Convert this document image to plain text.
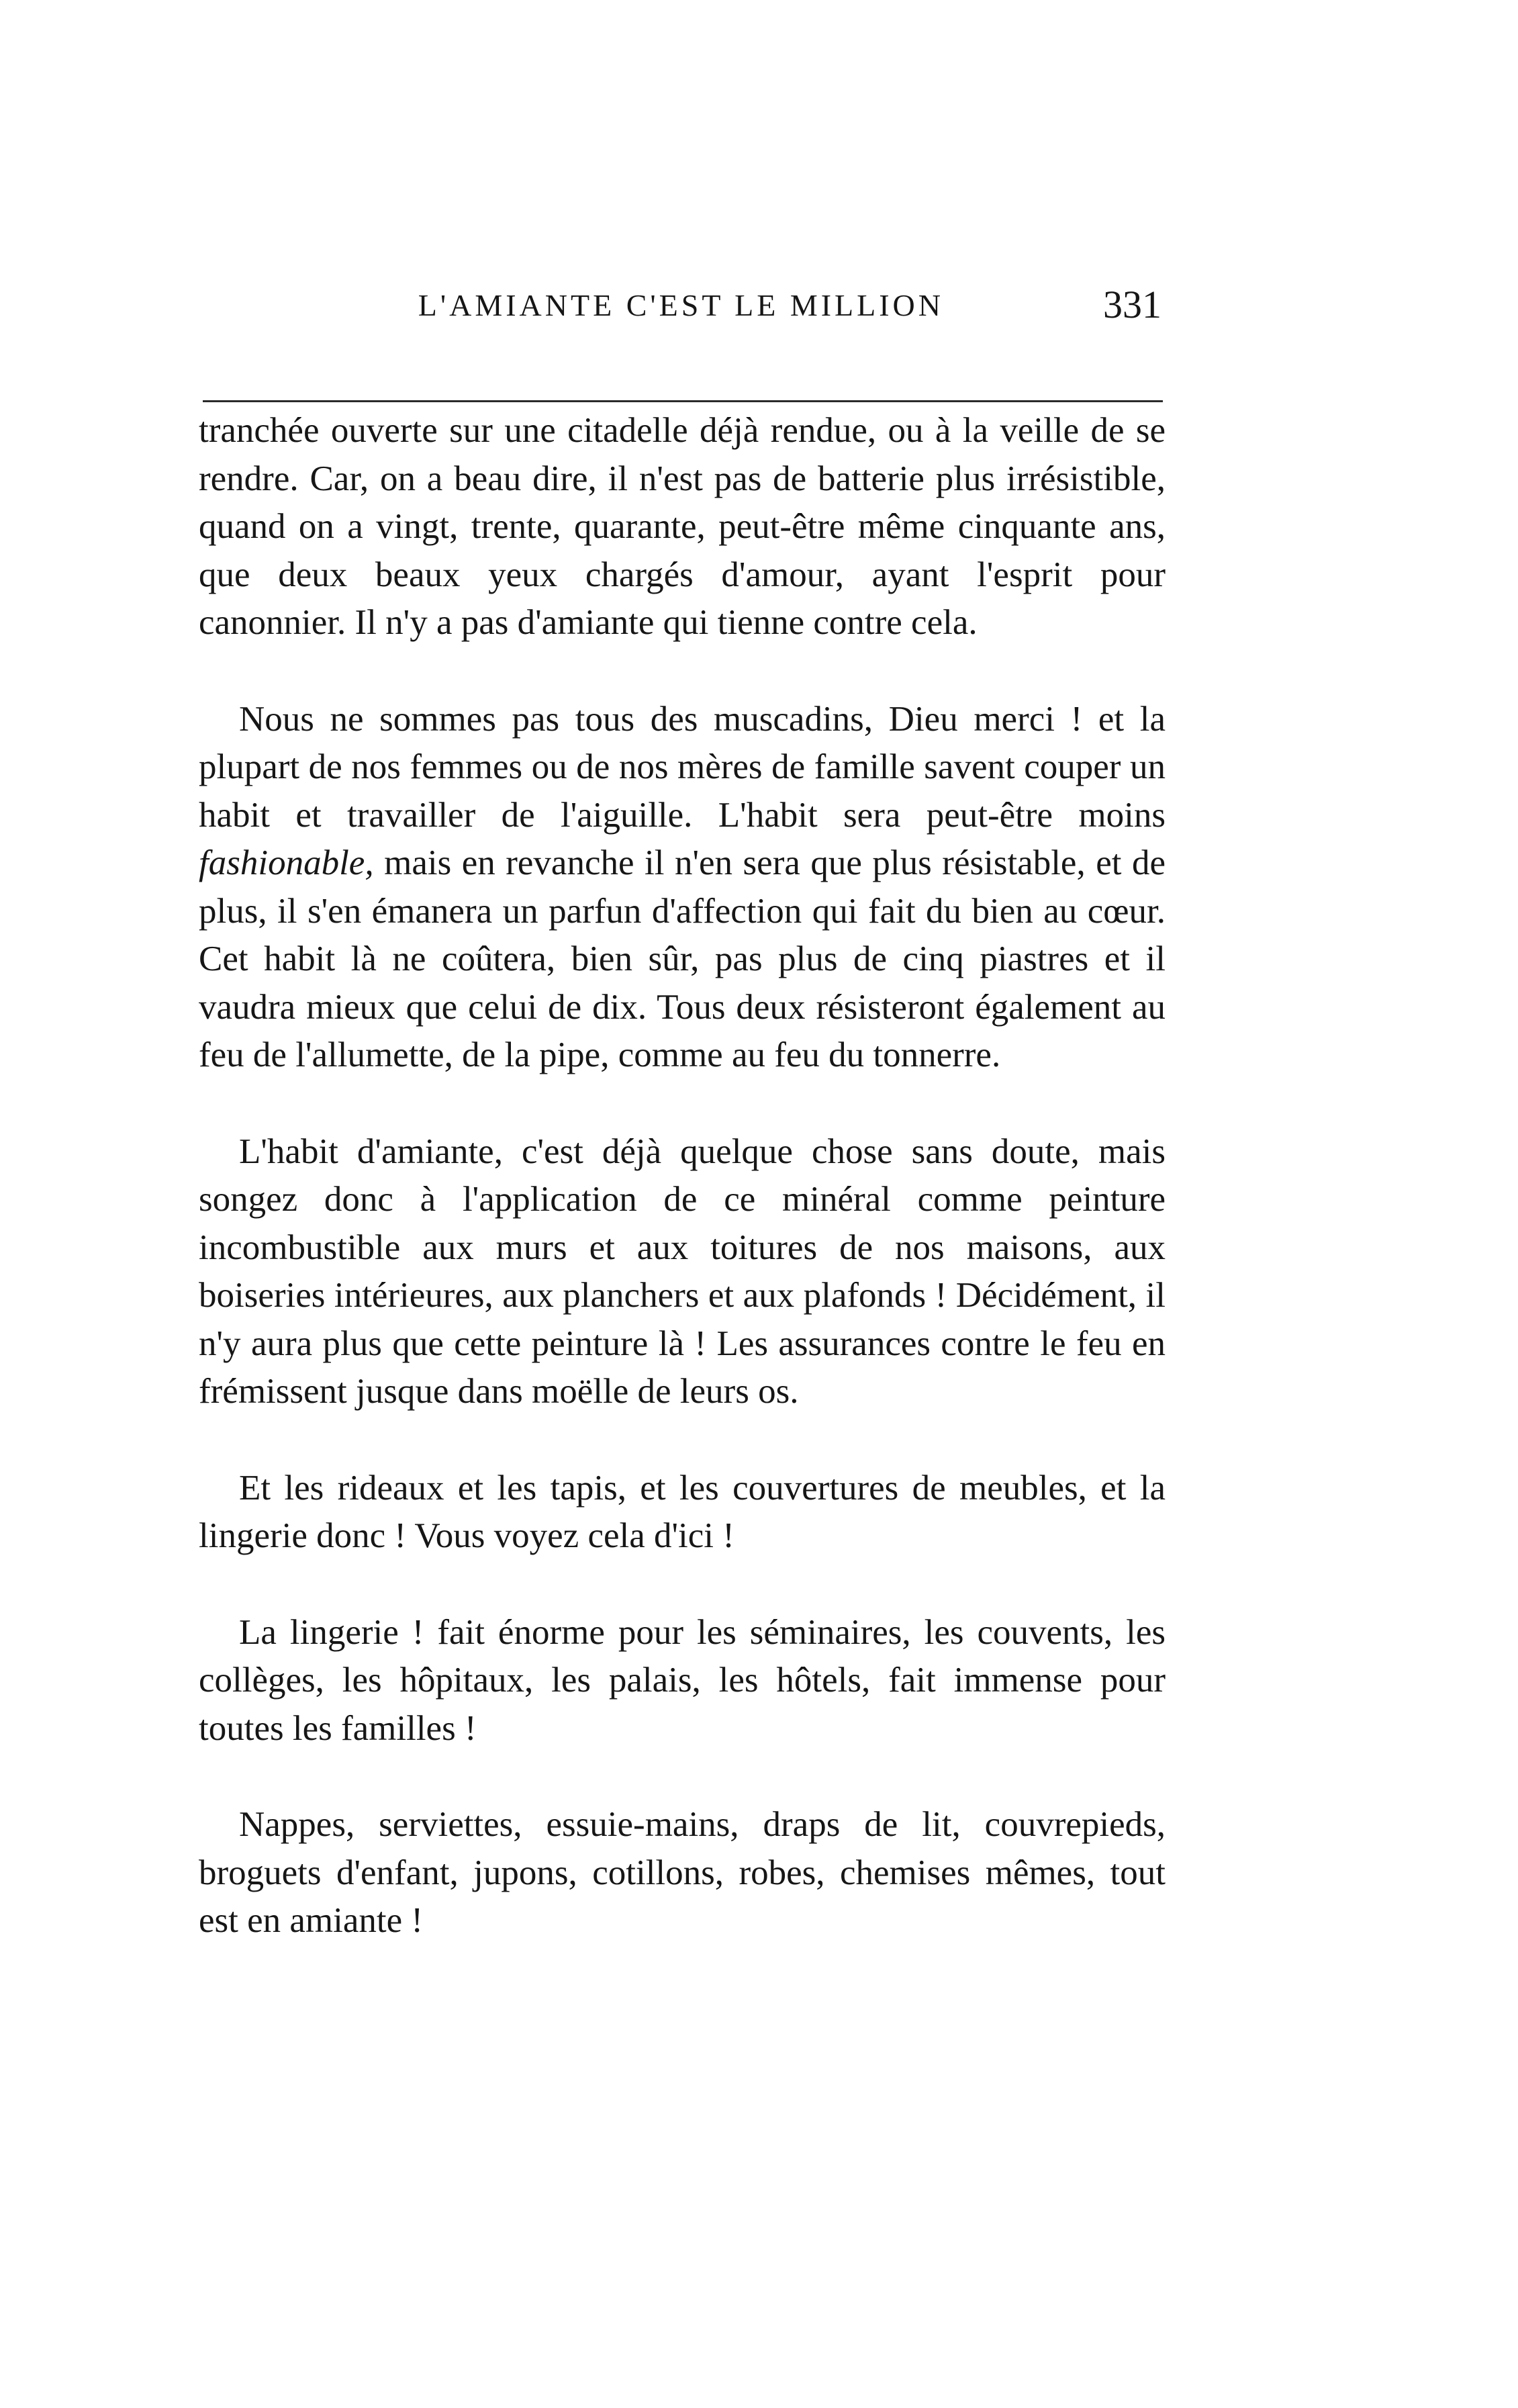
L'AMIANTE C'EST LE MILLION	331

tranchée ouverte sur une citadelle déjà rendue, ou à la veille de se rendre. Car, on a beau dire, il n'est pas de batterie plus irrésistible, quand on a vingt, trente, quarante, peut-être même cinquante ans, que deux beaux yeux chargés d'amour, ayant l'esprit pour canonnier. Il n'y a pas d'amiante qui tienne contre cela.

Nous ne sommes pas tous des muscadins, Dieu merci ! et la plupart de nos femmes ou de nos mères de famille savent couper un habit et travailler de l'aiguille. L'habit sera peut-être moins fashionable, mais en revanche il n'en sera que plus résistable, et de plus, il s'en émanera un parfun d'affection qui fait du bien au cœur. Cet habit là ne coûtera, bien sûr, pas plus de cinq piastres et il vaudra mieux que celui de dix. Tous deux résisteront également au feu de l'allumette, de la pipe, comme au feu du tonnerre.

L'habit d'amiante, c'est déjà quelque chose sans doute, mais songez donc à l'application de ce minéral comme peinture incombustible aux murs et aux toitures de nos maisons, aux boiseries intérieures, aux planchers et aux plafonds ! Décidément, il n'y aura plus que cette peinture là ! Les assurances contre le feu en frémissent jusque dans moëlle de leurs os.

Et les rideaux et les tapis, et les couvertures de meubles, et la lingerie donc ! Vous voyez cela d'ici !

La lingerie ! fait énorme pour les séminaires, les couvents, les collèges, les hôpitaux, les palais, les hôtels, fait immense pour toutes les familles !

Nappes, serviettes, essuie-mains, draps de lit, couvrepieds, broguets d'enfant, jupons, cotillons, robes, chemises mêmes, tout est en amiante !
